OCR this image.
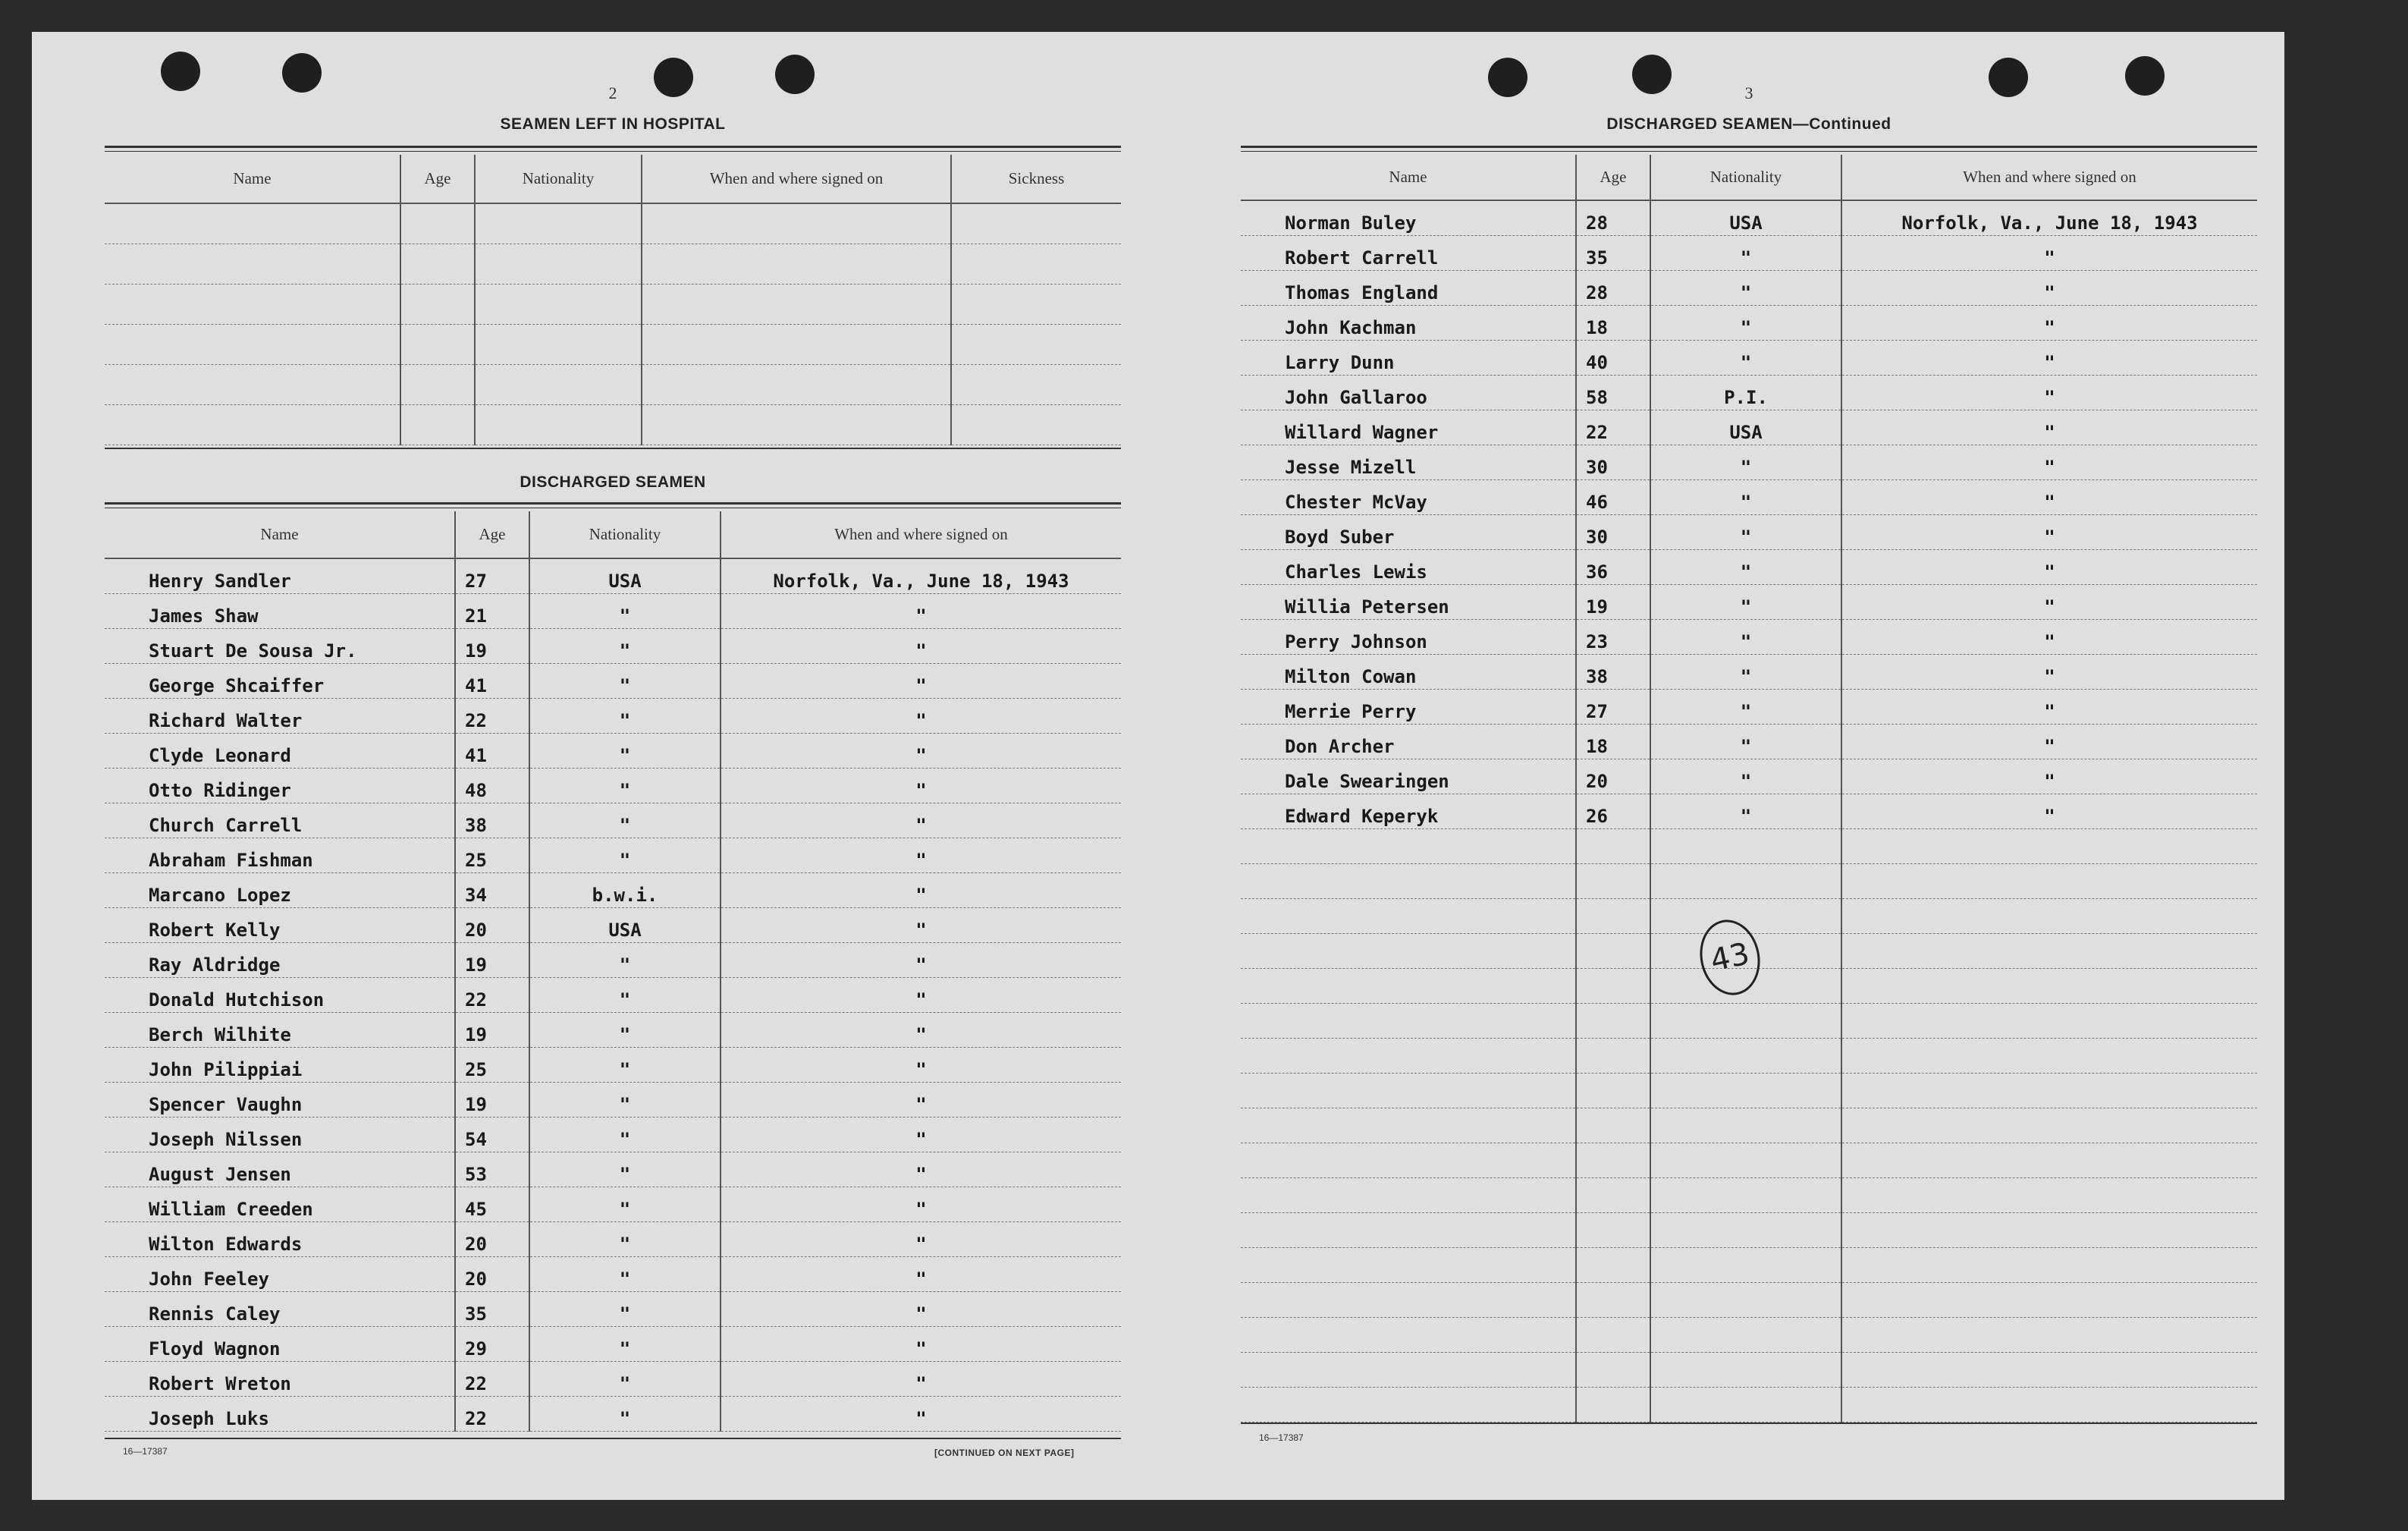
2
SEAMEN LEFT IN HOSPITAL
Name	Age	Nationality	When and where signed on	Sickness

DISCHARGED SEAMEN
Name	Age	Nationality	When and where signed on
Henry Sandler	27	USA	Norfolk, Va., June 18, 1943
James Shaw	21	"	"
Stuart De Sousa Jr.	19	"	"
George Shcaiffer	41	"	"
Richard Walter	22	"	"
Clyde Leonard	41	"	"
Otto Ridinger	48	"	"
Church Carrell	38	"	"
Abraham Fishman	25	"	"
Marcano Lopez	34	b.w.i.	"
Robert Kelly	20	USA	"
Ray Aldridge	19	"	"
Donald Hutchison	22	"	"
Berch Wilhite	19	"	"
John Pilippiai	25	"	"
Spencer Vaughn	19	"	"
Joseph Nilssen	54	"	"
August Jensen	53	"	"
William Creeden	45	"	"
Wilton Edwards	20	"	"
John Feeley	20	"	"
Rennis Caley	35	"	"
Floyd Wagnon	29	"	"
Robert Wreton	22	"	"
Joseph Luks	22	"	"
16—17387	[CONTINUED ON NEXT PAGE]
3
DISCHARGED SEAMEN—Continued
Name	Age	Nationality	When and where signed on
Norman Buley	28	USA	Norfolk, Va., June 18, 1943
Robert Carrell	35	"	"
Thomas England	28	"	"
John Kachman	18	"	"
Larry Dunn	40	"	"
John Gallaroo	58	P.I.	"
Willard Wagner	22	USA	"
Jesse Mizell	30	"	"
Chester McVay	46	"	"
Boyd Suber	30	"	"
Charles Lewis	36	"	"
Willia Petersen	19	"	"
Perry Johnson	23	"	"
Milton Cowan	38	"	"
Merrie Perry	27	"	"
Don Archer	18	"	"
Dale Swearingen	20	"	"
Edward Keperyk	26	"	"

16—17387
43
